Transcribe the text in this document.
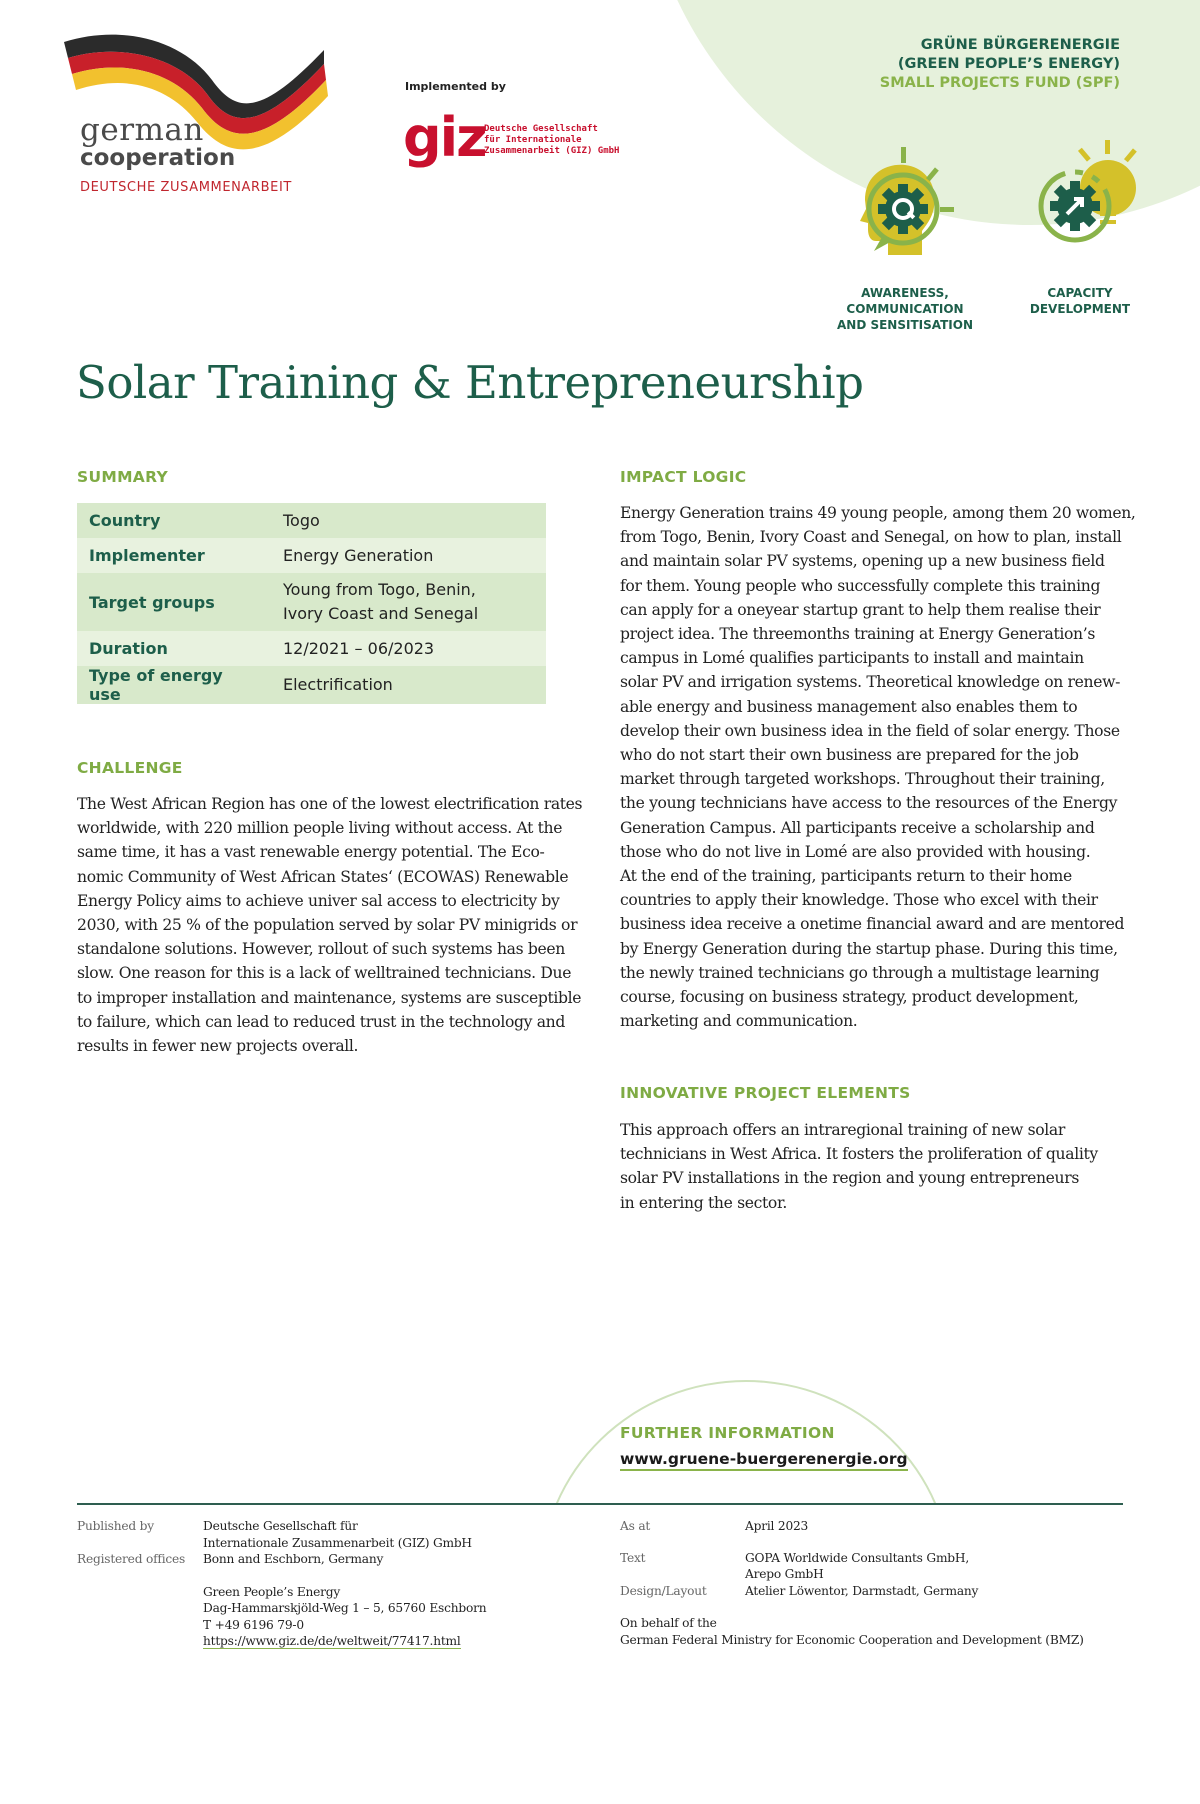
german
cooperation
DEUTSCHE ZUSAMMENARBEIT
Implemented by
giz
Deutsche Gesellschaft
für Internationale
Zusammenarbeit (GIZ) GmbH
GRÜNE BÜRGERENERGIE
(GREEN PEOPLE’S ENERGY)
SMALL PROJECTS FUND (SPF)
AWARENESS,
COMMUNICATION
AND SENSITISATION
CAPACITY
DEVELOPMENT
Solar Training & Entrepreneurship
SUMMARY
Country	Togo
Implementer	Energy Generation
Target groups	Young from Togo, Benin,
Ivory Coast and Senegal

Duration	12/2021 – 06/2023
Type of energy use	Electrification
CHALLENGE
The West African Region has one of the lowest electrification rates
worldwide, with 220 million people living without access. At the
same time, it has a vast renewable energy potential. The Eco-
nomic Community of West African States‘ (ECOWAS) Renewable
Energy Policy aims to achieve univer sal access to electricity by
2030, with 25 % of the population served by solar PV minigrids or
standalone solutions. However, rollout of such systems has been
slow. One reason for this is a lack of welltrained technicians. Due
to improper installation and maintenance, systems are susceptible
to failure, which can lead to reduced trust in the technology and
results in fewer new projects overall.
IMPACT LOGIC
Energy Generation trains 49 young people, among them 20 women,
from Togo, Benin, Ivory Coast and Senegal, on how to plan, install
and maintain solar PV systems, opening up a new business field
for them. Young people who successfully complete this training
can apply for a oneyear startup grant to help them realise their
project idea. The threemonths training at Energy Generation’s
campus in Lomé qualifies participants to install and maintain
solar PV and irrigation systems. Theoretical knowledge on renew-
able energy and business management also enables them to
develop their own business idea in the field of solar energy. Those
who do not start their own business are prepared for the job
market through targeted workshops. Throughout their training,
the young technicians have access to the resources of the Energy
Generation Campus. All participants receive a scholarship and
those who do not live in Lomé are also provided with housing.
At the end of the training, participants return to their home
countries to apply their knowledge. Those who excel with their
business idea receive a onetime financial award and are mentored
by Energy Generation during the startup phase. During this time,
the newly trained technicians go through a multistage learning
course, focusing on business strategy, product development,
marketing and communication.
INNOVATIVE PROJECT ELEMENTS
This approach offers an intraregional training of new solar
technicians in West Africa. It fosters the proliferation of quality
solar PV installations in the region and young entrepreneurs
in entering the sector.
FURTHER INFORMATION
www.gruene-buergerenergie.org
Published by	Deutsche Gesellschaft für
Internationale Zusammenarbeit (GIZ) GmbH
Registered offices	Bonn and Eschborn, Germany
Green People’s Energy
Dag-Hammarskjöld-Weg 1 – 5, 65760 Eschborn
T +49 6196 79-0
https://www.giz.de/de/weltweit/77417.html
As at	April 2023
Text	GOPA Worldwide Consultants GmbH,
Arepo GmbH
Design/Layout	Atelier Löwentor, Darmstadt, Germany
On behalf of the
German Federal Ministry for Economic Cooperation and Development (BMZ)
